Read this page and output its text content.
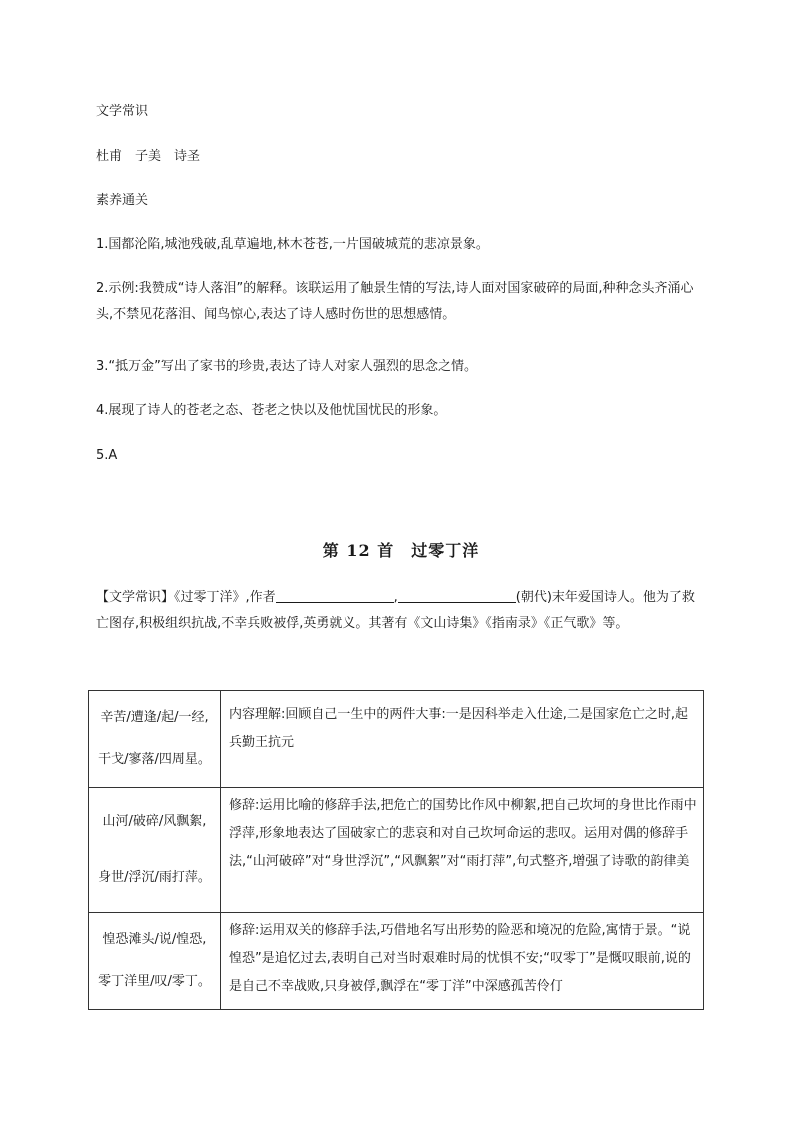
文学常识
杜甫　子美　诗圣
素养通关
1.国都沦陷,城池残破,乱草遍地,林木苍苍,一片国破城荒的悲凉景象。
2.示例:我赞成“诗人落泪”的解释。该联运用了触景生情的写法,诗人面对国家破碎的局面,种种念头齐涌心头,不禁见花落泪、闻鸟惊心,表达了诗人感时伤世的思想感情。
3.“抵万金”写出了家书的珍贵,表达了诗人对家人强烈的思念之情。
4.展现了诗人的苍老之态、苍老之快以及他忧国忧民的形象。
5.A
第 12 首　过零丁洋
【文学常识】《过零丁洋》,作者	,	(朝代)末年爱国诗人。他为了救亡图存,积极组织抗战,不幸兵败被俘,英勇就义。其著有《文山诗集》《指南录》《正气歌》等。
辛苦/遭逢/起/一经,
干戈/寥落/四周星。	内容理解:回顾自己一生中的两件大事:一是因科举走入仕途,二是国家危亡之时,起兵勤王抗元

山河/破碎/风飘絮,
身世/浮沉/雨打萍。	修辞:运用比喻的修辞手法,把危亡的国势比作风中柳絮,把自己坎坷的身世比作雨中浮萍,形象地表达了国破家亡的悲哀和对自己坎坷命运的悲叹。运用对偶的修辞手法,“山河破碎”对“身世浮沉”,“风飘絮”对“雨打萍”,句式整齐,增强了诗歌的韵律美

惶恐滩头/说/惶恐,
零丁洋里/叹/零丁。	修辞:运用双关的修辞手法,巧借地名写出形势的险恶和境况的危险,寓情于景。“说惶恐”是追忆过去,表明自己对当时艰难时局的忧惧不安;“叹零丁”是慨叹眼前,说的是自己不幸战败,只身被俘,飘浮在“零丁洋”中深感孤苦伶仃
